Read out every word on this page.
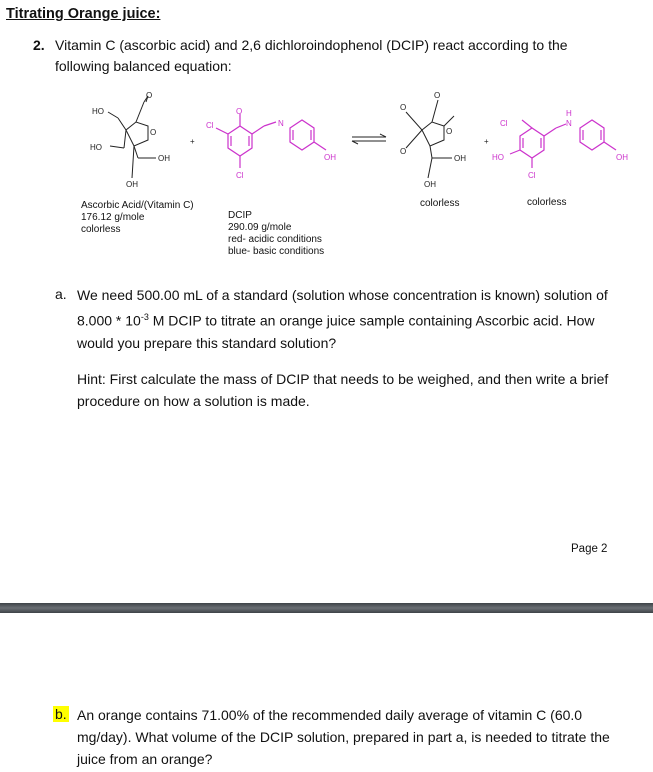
Titrating Orange juice:
2. Vitamin C (ascorbic acid) and 2,6 dichloroindophenol (DCIP) react according to the following balanced equation:
HO
O
HO
O
OH
OH
+
O
Cl
Cl
N
OH
O
O
O
O
OH
OH
+
Cl
HO
Cl
N
H
OH
Ascorbic Acid/(Vitamin C)
176.12 g/mole
colorless
DCIP
290.09 g/mole
red- acidic conditions
blue- basic conditions
colorless	colorless
a. We need 500.00 mL of a standard (solution whose concentration is known) solution of $8.000 * 10^{-3}$ M DCIP to titrate an orange juice sample containing Ascorbic acid. How would you prepare this standard solution?
Hint: First calculate the mass of DCIP that needs to be weighed, and then write a brief procedure on how a solution is made.
Page 2
b. An orange contains 71.00% of the recommended daily average of vitamin C (60.0 mg/day). What volume of the DCIP solution, prepared in part a, is needed to titrate the juice from an orange?
